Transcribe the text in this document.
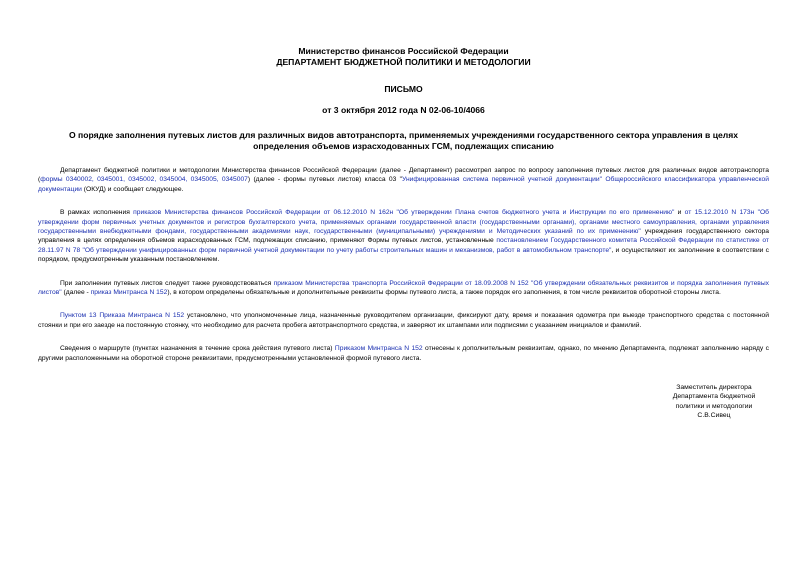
Министерство финансов Российской Федерации
ДЕПАРТАМЕНТ БЮДЖЕТНОЙ ПОЛИТИКИ И МЕТОДОЛОГИИ
ПИСЬМО
от 3 октября 2012 года N 02-06-10/4066
О порядке заполнения путевых листов для различных видов автотранспорта, применяемых учреждениями государственного сектора управления в целях определения объемов израсходованных ГСМ, подлежащих списанию
Департамент бюджетной политики и методологии Министерства финансов Российской Федерации (далее - Департамент) рассмотрел запрос по вопросу заполнения путевых листов для различных видов автотранспорта (формы 0340002, 0345001, 0345002, 0345004, 0345005, 0345007) (далее - формы путевых листов) класса 03 "Унифицированная система первичной учетной документации" Общероссийского классификатора управленческой документации (ОКУД) и сообщает следующее.
В рамках исполнения приказов Министерства финансов Российской Федерации от 06.12.2010 N 162н "Об утверждении Плана счетов бюджетного учета и Инструкции по его применению" и от 15.12.2010 N 173н "Об утверждении форм первичных учетных документов и регистров бухгалтерского учета, применяемых органами государственной власти (государственными органами), органами местного самоуправления, органами управления государственными внебюджетными фондами, государственными академиями наук, государственными (муниципальными) учреждениями и Методических указаний по их применению" учреждения государственного сектора управления в целях определения объемов израсходованных ГСМ, подлежащих списанию, применяют Формы путевых листов, установленные постановлением Государственного комитета Российской Федерации по статистике от 28.11.97 N 78 "Об утверждении унифицированных форм первичной учетной документации по учету работы строительных машин и механизмов, работ в автомобильном транспорте", и осуществляют их заполнение в соответствии с порядком, предусмотренным указанным постановлением.
При заполнении путевых листов следует также руководствоваться приказом Министерства транспорта Российской Федерации от 18.09.2008 N 152 "Об утверждении обязательных реквизитов и порядка заполнения путевых листов" (далее - приказ Минтранса N 152), в котором определены обязательные и дополнительные реквизиты формы путевого листа, а также порядок его заполнения, в том числе реквизитов оборотной стороны листа.
Пунктом 13 Приказа Минтранса N 152 установлено, что уполномоченные лица, назначенные руководителем организации, фиксируют дату, время и показания одометра при выезде транспортного средства с постоянной стоянки и при его заезде на постоянную стоянку, что необходимо для расчета пробега автотранспортного средства, и заверяют их штампами или подписями с указанием инициалов и фамилий.
Сведения о маршруте (пунктах назначения в течение срока действия путевого листа) Приказом Минтранса N 152 отнесены к дополнительным реквизитам, однако, по мнению Департамента, подлежат заполнению наряду с другими расположенными на оборотной стороне реквизитами, предусмотренными установленной формой путевого листа.
Заместитель директора
Департамента бюджетной
политики и методологии
С.В.Сивец
